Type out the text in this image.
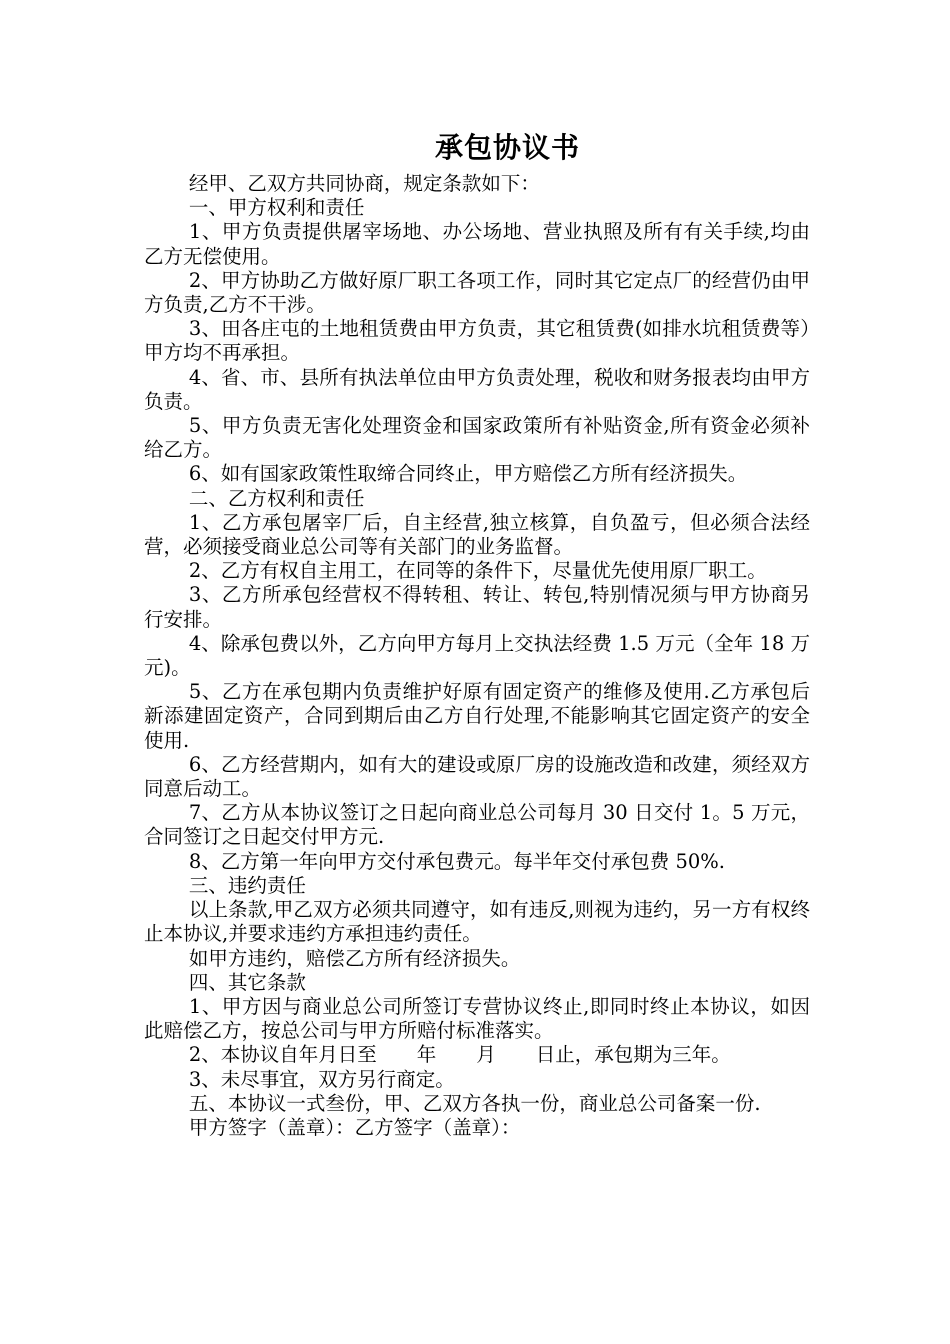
承包协议书

经甲、乙双方共同协商，规定条款如下：

一、甲方权利和责任

1、甲方负责提供屠宰场地、办公场地、营业执照及所有有关手续,均由乙方无偿使用。

2、甲方协助乙方做好原厂职工各项工作，同时其它定点厂的经营仍由甲方负责,乙方不干涉。

3、田各庄屯的土地租赁费由甲方负责，其它租赁费(如排水坑租赁费等）甲方均不再承担。

4、省、市、县所有执法单位由甲方负责处理，税收和财务报表均由甲方负责。

5、甲方负责无害化处理资金和国家政策所有补贴资金,所有资金必须补给乙方。

6、如有国家政策性取缔合同终止，甲方赔偿乙方所有经济损失。

二、乙方权利和责任

1、乙方承包屠宰厂后，自主经营,独立核算，自负盈亏，但必须合法经营，必须接受商业总公司等有关部门的业务监督。

2、乙方有权自主用工，在同等的条件下，尽量优先使用原厂职工。

3、乙方所承包经营权不得转租、转让、转包,特别情况须与甲方协商另行安排。

4、除承包费以外，乙方向甲方每月上交执法经费 1.5 万元（全年 18 万元)。

5、乙方在承包期内负责维护好原有固定资产的维修及使用.乙方承包后新添建固定资产，合同到期后由乙方自行处理,不能影响其它固定资产的安全使用.

6、乙方经营期内，如有大的建设或原厂房的设施改造和改建，须经双方同意后动工。

7、乙方从本协议签订之日起向商业总公司每月 30 日交付 1。5 万元，合同签订之日起交付甲方元.

8、乙方第一年向甲方交付承包费元。每半年交付承包费 50%.

三、违约责任

以上条款,甲乙双方必须共同遵守，如有违反,则视为违约，另一方有权终止本协议,并要求违约方承担违约责任。

如甲方违约，赔偿乙方所有经济损失。

四、其它条款

1、甲方因与商业总公司所签订专营协议终止,即同时终止本协议，如因此赔偿乙方，按总公司与甲方所赔付标准落实。

2、本协议自年月日至 年 月 日止，承包期为三年。

3、未尽事宜，双方另行商定。

五、本协议一式叁份，甲、乙双方各执一份，商业总公司备案一份.

甲方签字（盖章）：乙方签字（盖章）：
